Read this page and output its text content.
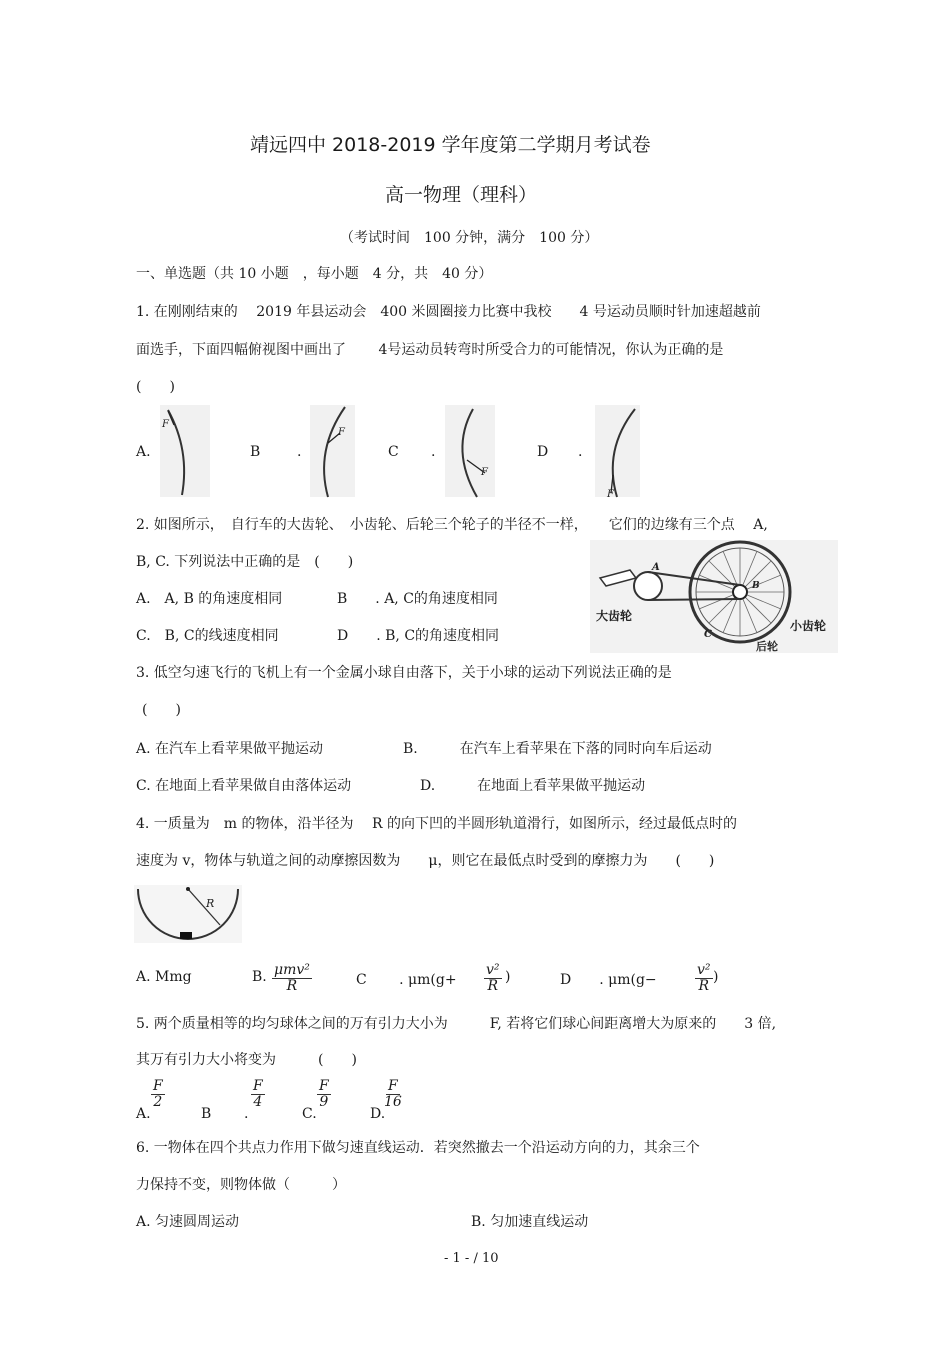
靖远四中 2018-2019 学年度第二学期月考试卷
高一物理（理科）
（考试时间　100 分钟，满分　100 分）
一、单选题（共 10 小题　，每小题　4 分，共　40 分）
1. 在刚刚结束的　 2019 年县运动会　400 米圆圈接力比赛中我校　　4 号运动员顺时针加速超越前
面选手，下面四幅俯视图中画出了　　 4号运动员转弯时所受合力的可能情况，你认为正确的是
(　　)
A.
F
B	.
F
C .
F
D .
F
2. 如图所示，　自行车的大齿轮、　小齿轮、后轮三个轮子的半径不一样，　　它们的边缘有三个点　 A,
B, C. 下列说法中正确的是　(　　)
A.　A, B 的角速度相同	B　　. A, C的角速度相同
C.　B, C的线速度相同	D　　. B, C的角速度相同
A
B
C
大齿轮
小齿轮
后轮
3. 低空匀速飞行的飞机上有一个金属小球自由落下，关于小球的运动下列说法正确的是
(　　)
A. 在汽车上看苹果做平抛运动	B.　　　在汽车上看苹果在下落的同时向车后运动
C. 在地面上看苹果做自由落体运动	D.　　　在地面上看苹果做平抛运动
4. 一质量为　m 的物体，沿半径为　 R 的向下凹的半圆形轨道滑行，如图所示，经过最低点时的
速度为 v，物体与轨道之间的动摩擦因数为　　μ，则它在最低点时受到的摩擦力为　　(　　)
R
A. Mmg	B. $\frac{\text{μmv²}}{R}$	C　　 . $\mu m(g+ \frac{\text{v²}}{R}$ )	D　　. μm(g−	$\frac{\text{v²}}{R}$ )
5. 两个质量相等的均匀球体之间的万有引力大小为　　　F, 若将它们球心间距离增大为原来的　　3 倍,
其万有引力大小将变为　　　(　　)
A.
$\frac{F}{2}$
B .
$\frac{F}{4}$
C.
$\frac{F}{9}$
D.
$\frac{F}{16}$
6. 一物体在四个共点力作用下做匀速直线运动．若突然撤去一个沿运动方向的力，其余三个
力保持不变，则物体做（　　　）
A. 匀速圆周运动	B. 匀加速直线运动
- 1 - / 10
